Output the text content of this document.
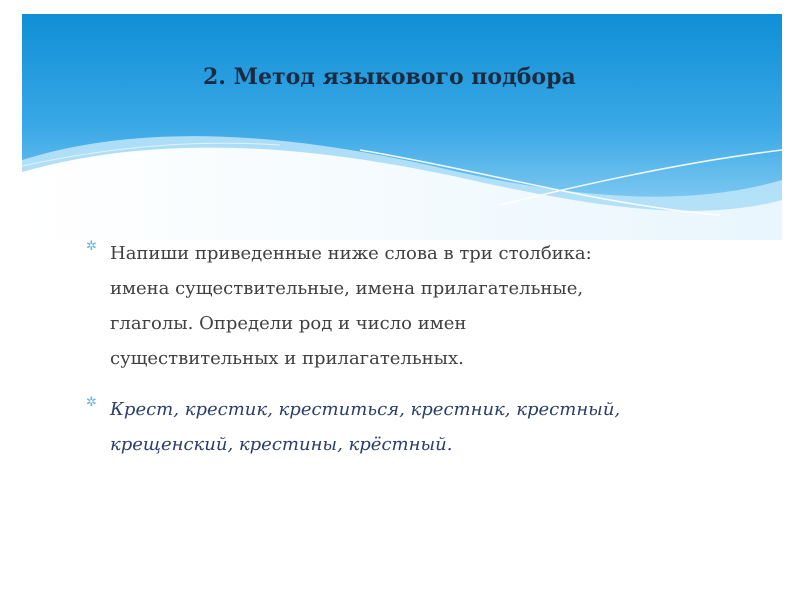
2. Метод языкового подбора
✲ Напиши приведенные ниже слова в три столбика:
имена существительные, имена прилагательные,
глаголы. Определи род и число имен
существительных и прилагательных.
✲ Крест, крестик, креститься, крестник, крестный,
крещенский, крестины, крёстный.
